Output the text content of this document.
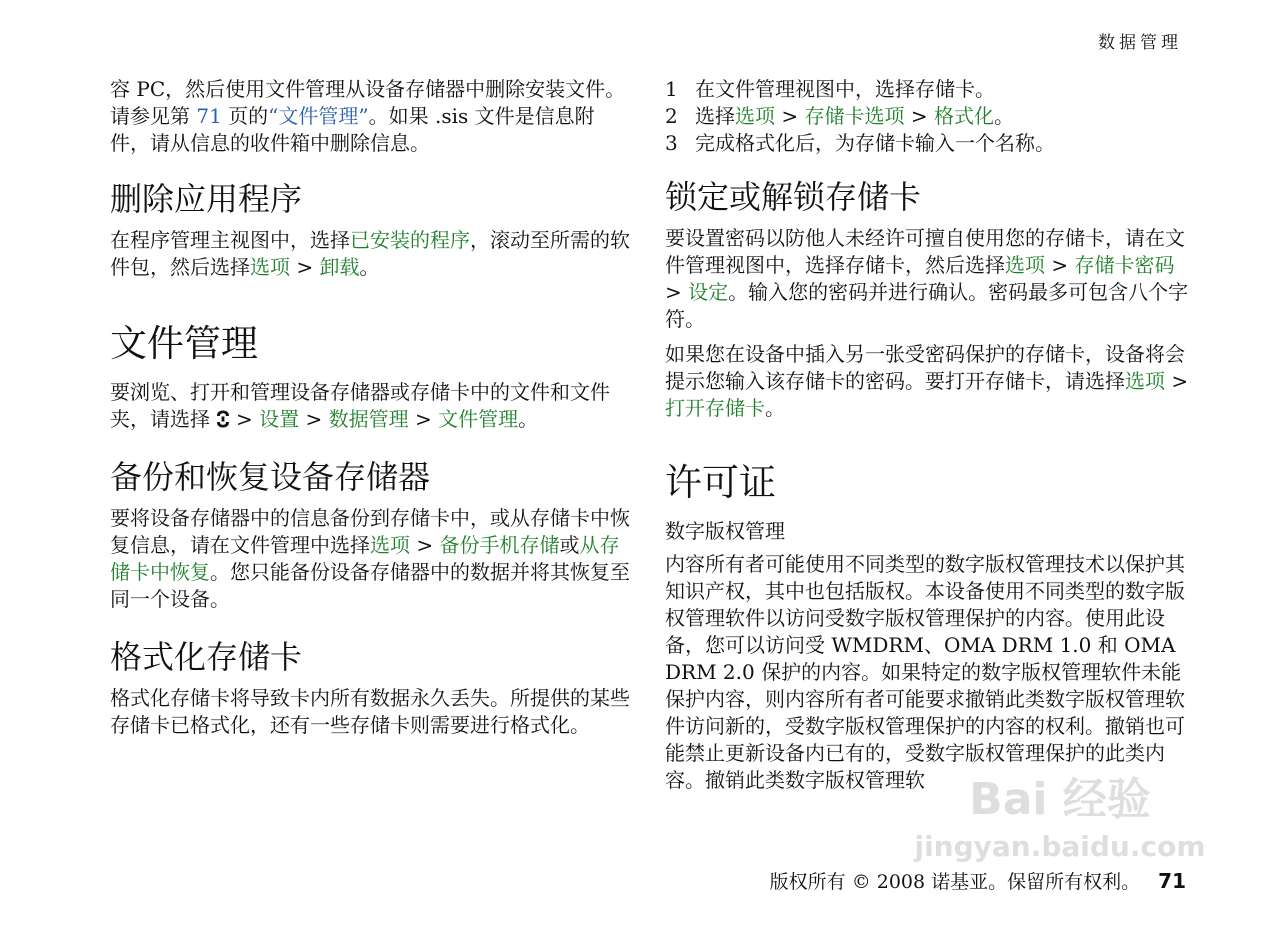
数据管理

容 PC，然后使用文件管理从设备存储器中删除安装文件。请参见第 71 页的“文件管理”。如果 .sis 文件是信息附件，请从信息的收件箱中删除信息。

删除应用程序

在程序管理主视图中，选择已安装的程序，滚动至所需的软件包，然后选择选项 > 卸载。

文件管理

要浏览、打开和管理设备存储器或存储卡中的文件和文件夹，请选择 > 设置 > 数据管理 > 文件管理。

备份和恢复设备存储器

要将设备存储器中的信息备份到存储卡中，或从存储卡中恢复信息，请在文件管理中选择选项 > 备份手机存储或从存储卡中恢复。您只能备份设备存储器中的数据并将其恢复至同一个设备。

格式化存储卡

格式化存储卡将导致卡内所有数据永久丢失。所提供的某些存储卡已格式化，还有一些存储卡则需要进行格式化。

1 在文件管理视图中，选择存储卡。
2 选择选项 > 存储卡选项 > 格式化。
3 完成格式化后，为存储卡输入一个名称。
锁定或解锁存储卡

要设置密码以防他人未经许可擅自使用您的存储卡，请在文件管理视图中，选择存储卡，然后选择选项 > 存储卡密码 > 设定。输入您的密码并进行确认。密码最多可包含八个字符。

如果您在设备中插入另一张受密码保护的存储卡，设备将会提示您输入该存储卡的密码。要打开存储卡，请选择选项 > 打开存储卡。

许可证
数字版权管理

内容所有者可能使用不同类型的数字版权管理技术以保护其知识产权，其中也包括版权。本设备使用不同类型的数字版权管理软件以访问受数字版权管理保护的内容。使用此设备，您可以访问受 WMDRM、OMA DRM 1.0 和 OMA DRM 2.0 保护的内容。如果特定的数字版权管理软件未能保护内容，则内容所有者可能要求撤销此类数字版权管理软件访问新的，受数字版权管理保护的内容的权利。撤销也可能禁止更新设备内已有的，受数字版权管理保护的此类内容。撤销此类数字版权管理软	Bai 经验
jingyan.baidu.com
版权所有 © 2008 诺基亚。保留所有权利。 71
